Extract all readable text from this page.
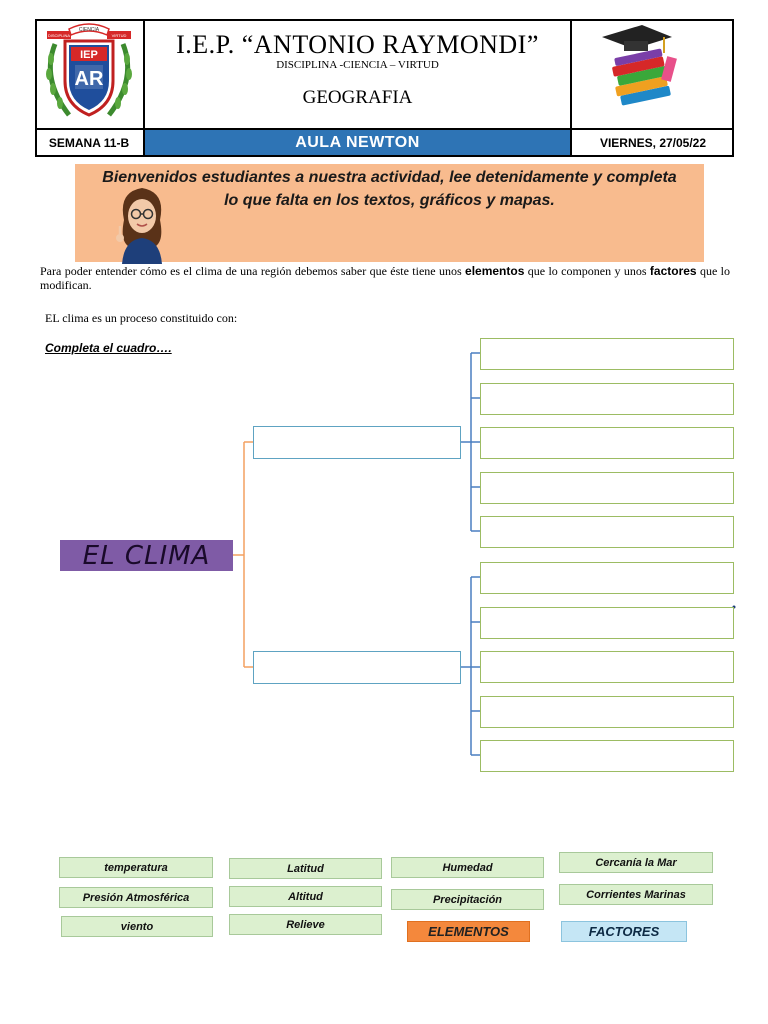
CIENCIA
DISCIPLINA	VIRTUD
IEP
AR
I.E.P. “ANTONIO RAYMONDI”
DISCIPLINA -CIENCIA – VIRTUD
GEOGRAFIA
SEMANA 11-B	AULA NEWTON	VIERNES, 27/05/22
Bienvenidos estudiantes a nuestra actividad, lee detenidamente y completa
lo que falta en los textos, gráficos y mapas.
Para poder entender cómo es el clima de una región debemos saber que éste tiene unos elementos que lo componen y unos factores que lo modifican.
EL clima es un proceso constituido con:
Completa el cuadro….
EL CLIMA
temperatura
Presión Atmosférica
viento
Latitud
Altitud
Relieve
Humedad
Precipitación
Cercanía la Mar
Corrientes Marinas
ELEMENTOS	FACTORES
